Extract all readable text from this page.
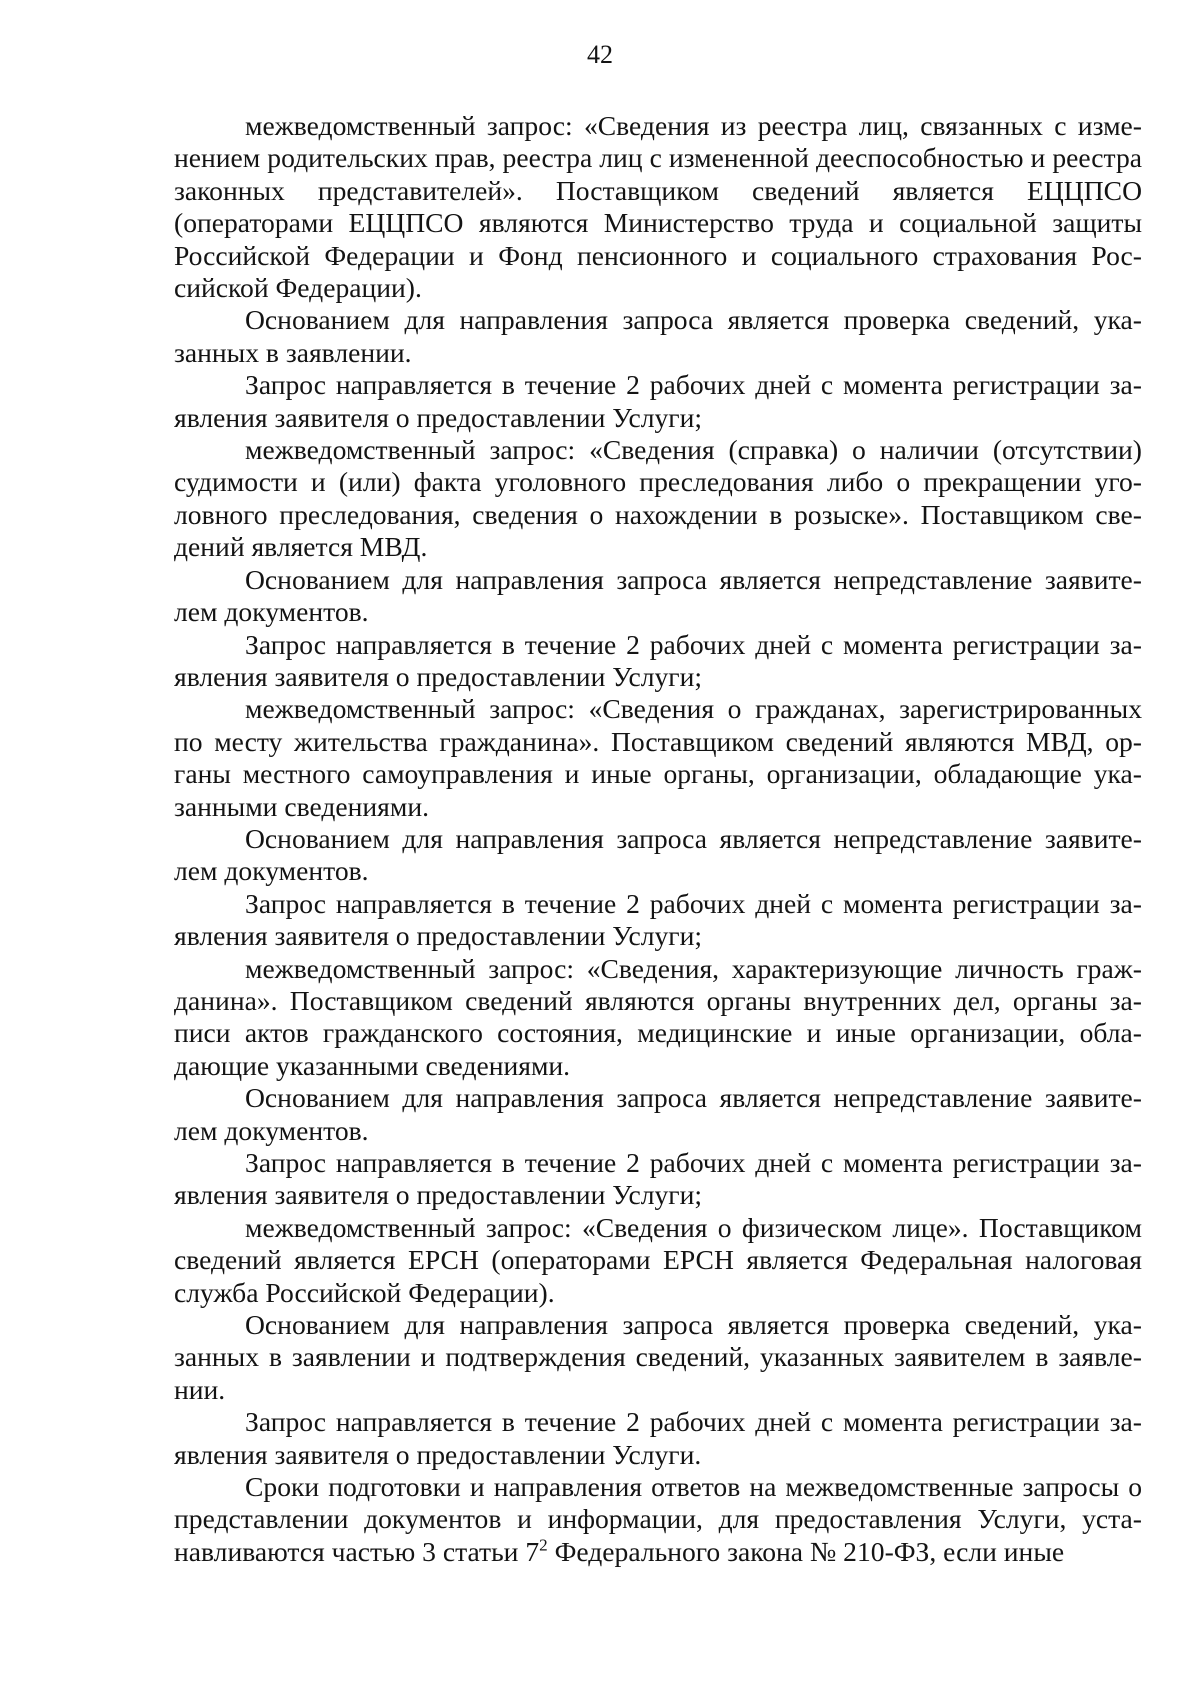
42

межведомственный запрос: «Сведения из реестра лиц, связанных с изменением родительских прав, реестра лиц с измененной дееспособностью и реестра законных представителей». Поставщиком сведений является ЕЦЦПСО (операторами ЕЦЦПСО являются Министерство труда и социальной защиты Российской Федерации и Фонд пенсионного и социального страхования Российской Федерации).

Основанием для направления запроса является проверка сведений, указанных в заявлении.

Запрос направляется в течение 2 рабочих дней с момента регистрации заявления заявителя о предоставлении Услуги;

межведомственный запрос: «Сведения (справка) о наличии (отсутствии) судимости и (или) факта уголовного преследования либо о прекращении уголовного преследования, сведения о нахождении в розыске». Поставщиком сведений является МВД.

Основанием для направления запроса является непредставление заявителем документов.

Запрос направляется в течение 2 рабочих дней с момента регистрации заявления заявителя о предоставлении Услуги;

межведомственный запрос: «Сведения о гражданах, зарегистрированных по месту жительства гражданина». Поставщиком сведений являются МВД, органы местного самоуправления и иные органы, организации, обладающие указанными сведениями.

Основанием для направления запроса является непредставление заявителем документов.

Запрос направляется в течение 2 рабочих дней с момента регистрации заявления заявителя о предоставлении Услуги;

межведомственный запрос: «Сведения, характеризующие личность гражданина». Поставщиком сведений являются органы внутренних дел, органы записи актов гражданского состояния, медицинские и иные организации, обладающие указанными сведениями.

Основанием для направления запроса является непредставление заявителем документов.

Запрос направляется в течение 2 рабочих дней с момента регистрации заявления заявителя о предоставлении Услуги;

межведомственный запрос: «Сведения о физическом лице». Поставщиком сведений является ЕРСН (операторами ЕРСН является Федеральная налоговая служба Российской Федерации).

Основанием для направления запроса является проверка сведений, указанных в заявлении и подтверждения сведений, указанных заявителем в заявлении.

Запрос направляется в течение 2 рабочих дней с момента регистрации заявления заявителя о предоставлении Услуги.

Сроки подготовки и направления ответов на межведомственные запросы о представлении документов и информации, для предоставления Услуги, устанавливаются частью 3 статьи $7^2$ Федерального закона № 210-ФЗ, если иные
